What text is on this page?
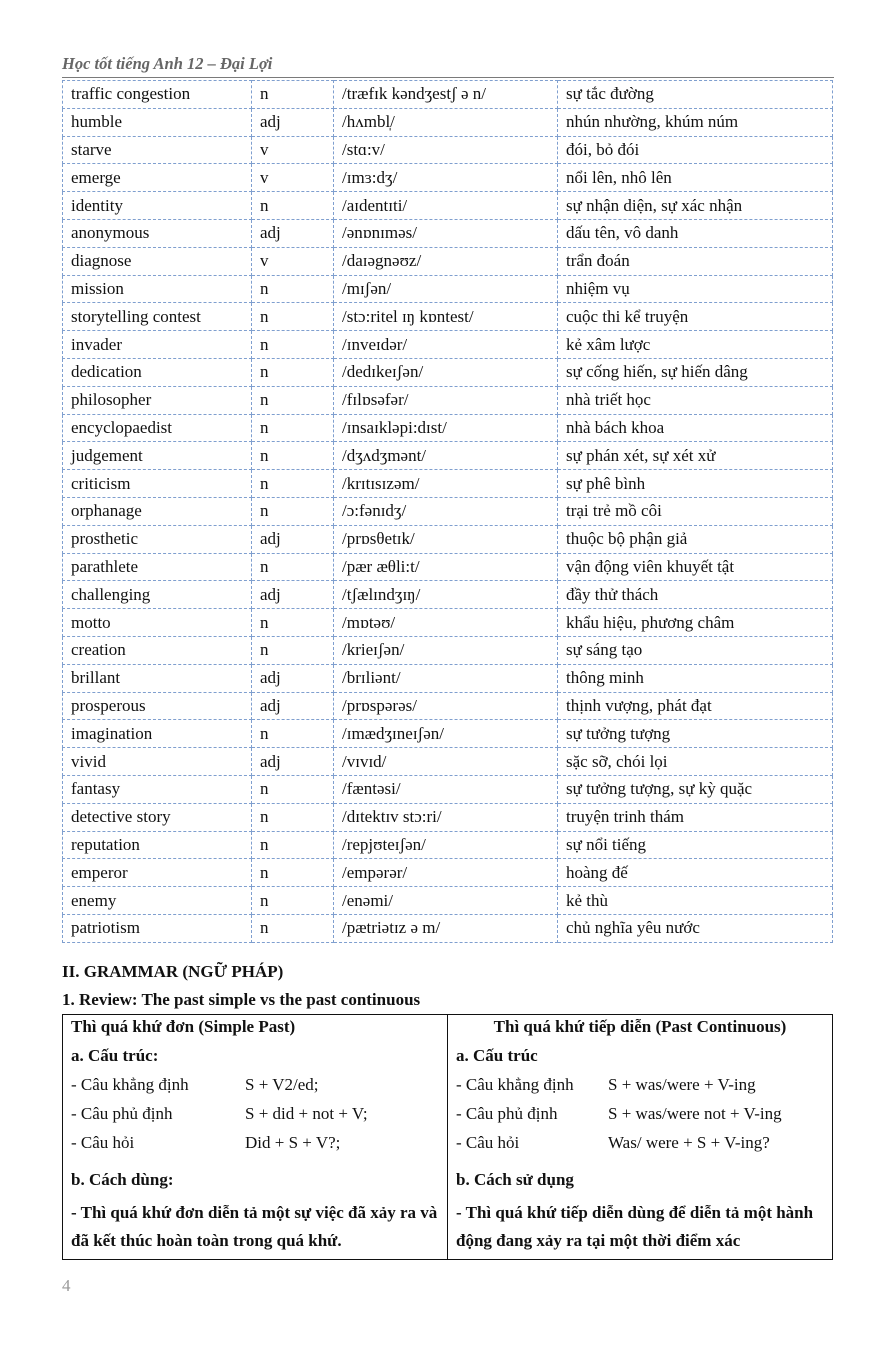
Học tốt tiếng Anh 12 – Đại Lợi
traffic congestion	n	/træfɪk kəndʒestʃ ə n/	sự tắc đường
humble	adj	/hʌmbl̩/	nhún nhường, khúm núm
starve	v	/stɑ:v/	đói, bỏ đói
emerge	v	/ɪmɜ:dʒ/	nổi lên, nhô lên
identity	n	/aɪdentɪti/	sự nhận diện, sự xác nhận
anonymous	adj	/ənɒnɪməs/	dấu tên, vô danh
diagnose	v	/daɪəgnəʊz/	trẩn đoán
mission	n	/mɪʃən/	nhiệm vụ
storytelling contest	n	/stɔ:ritel ɪŋ kɒntest/	cuộc thi kể truyện
invader	n	/ɪnveɪdər/	kẻ xâm lược
dedication	n	/dedɪkeɪʃən/	sự cống hiến, sự hiến dâng
philosopher	n	/fɪlɒsəfər/	nhà triết học
encyclopaedist	n	/ɪnsaɪkləpi:dɪst/	nhà bách khoa
judgement	n	/dʒʌdʒmənt/	sự phán xét, sự xét xử
criticism	n	/krɪtɪsɪzəm/	sự phê bình
orphanage	n	/ɔ:fənɪdʒ/	trại trẻ mồ côi
prosthetic	adj	/prɒsθetɪk/	thuộc bộ phận giả
parathlete	n	/pær æθli:t/	vận động viên khuyết tật
challenging	adj	/tʃælɪndʒɪŋ/	đầy thử thách
motto	n	/mɒtəʊ/	khẩu hiệu, phương châm
creation	n	/krieɪʃən/	sự sáng tạo
brillant	adj	/brɪliənt/	thông minh
prosperous	adj	/prɒspərəs/	thịnh vượng, phát đạt
imagination	n	/ɪmædʒɪneɪʃən/	sự tưởng tượng
vivid	adj	/vɪvɪd/	sặc sỡ, chói lọi
fantasy	n	/fæntəsi/	sự tưởng tượng, sự kỳ quặc
detective story	n	/dɪtektɪv stɔ:ri/	truyện trinh thám
reputation	n	/repjʊteɪʃən/	sự nổi tiếng
emperor	n	/empərər/	hoàng đế
enemy	n	/enəmi/	kẻ thù
patriotism	n	/pætriətɪz ə m/	chủ nghĩa yêu nước
II. GRAMMAR (NGỮ PHÁP)
1. Review: The past simple vs the past continuous
Thì quá khứ đơn (Simple Past)
a. Cấu trúc:
- Câu khẳng định	S + V2/ed;
- Câu phủ định	S + did + not + V;
- Câu hỏi	Did + S + V?;
b. Cách dùng:
- Thì quá khứ đơn diễn tả một sự việc đã xảy ra và đã kết thúc hoàn toàn trong quá khứ.

Thì quá khứ tiếp diễn (Past Continuous)
a. Cấu trúc
- Câu khẳng định	S + was/were + V-ing
- Câu phủ định	S + was/were not + V-ing
- Câu hỏi	Was/ were + S + V-ing?
b. Cách sử dụng
- Thì quá khứ tiếp diễn dùng để diễn tả một hành động đang xảy ra tại một thời điểm xác
4
